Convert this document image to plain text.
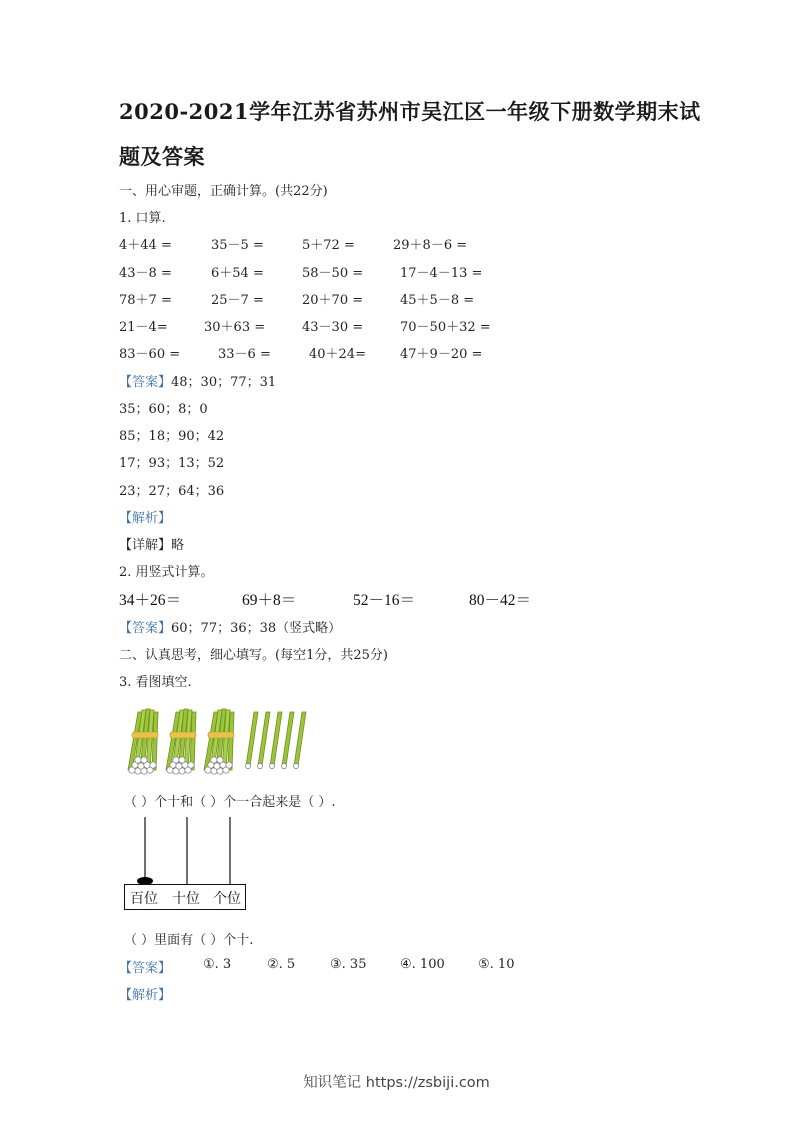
2020-2021学年江苏省苏州市吴江区一年级下册数学期末试
题及答案
一、用心审题，正确计算。(共22分)
1. 口算.
4＋44 =	35－5 =	5＋72 =	29＋8－6 =
43－8 =	6＋54 =	58－50 =	17－4－13 =
78＋7 =	25－7 =	20＋70 =	45＋5－8 =
21－4=	30＋63 =	43－30 =	70－50＋32 =
83－60 =	33－6 =	40＋24=	47＋9－20 =
【答案】48；30；77；31
35；60；8；0
85；18；90；42
17；93；13；52
23；27；64；36
【解析】
【详解】略
2. 用竖式计算。
34＋26＝	69＋8＝	52－16＝	80－42＝
【答案】60；77；36；38（竖式略）
二、认真思考，细心填写。(每空1分，共25分)
3. 看图填空.
（ ）个十和（ ）个一合起来是（ ）.
百位 十位 个位
（ ）里面有（ ）个十.
【答案】 ①. 3	②. 5	③. 35	④. 100	⑤. 10
【解析】
知识笔记 https://zsbiji.com
